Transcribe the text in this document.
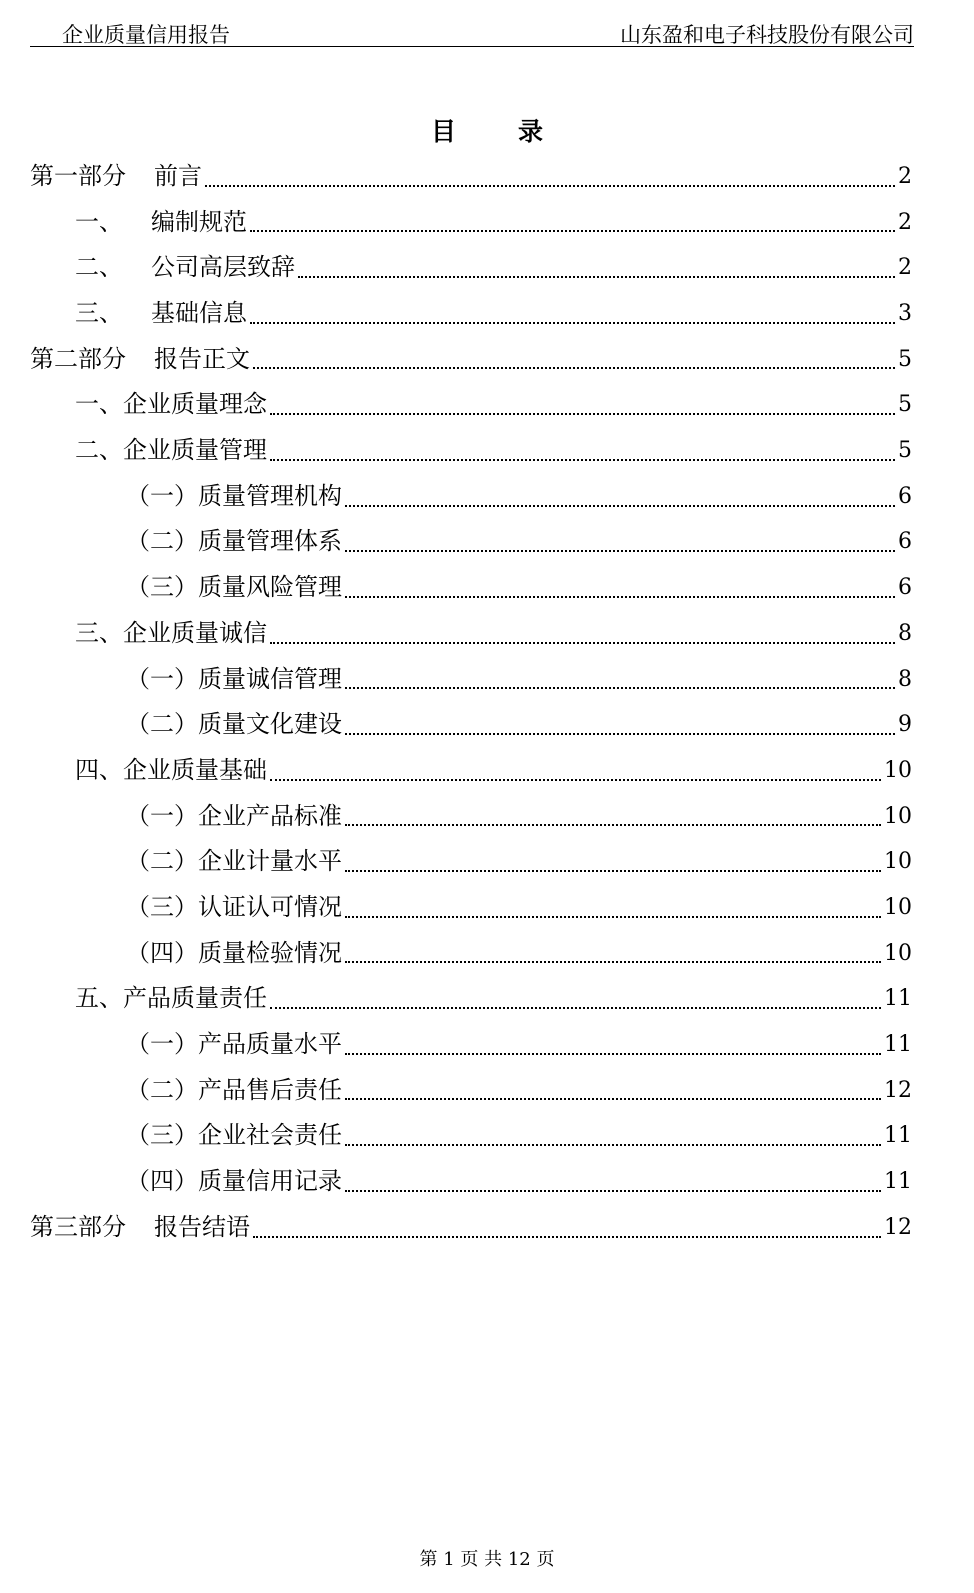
企业质量信用报告	山东盈和电子科技股份有限公司
目 录
第一部分 前言	2
一、 编制规范	2
二、 公司高层致辞	2
三、 基础信息	3
第二部分 报告正文	5
一、企业质量理念	5
二、企业质量管理	5
（一）质量管理机构	6
（二）质量管理体系	6
（三）质量风险管理	6
三、企业质量诚信	8
（一）质量诚信管理	8
（二）质量文化建设	9
四、企业质量基础	10
（一）企业产品标准	10
（二）企业计量水平	10
（三）认证认可情况	10
（四）质量检验情况	10
五、产品质量责任	11
（一）产品质量水平	11
（二）产品售后责任	12
（三）企业社会责任	11
（四）质量信用记录	11
第三部分 报告结语	12
第 1 页 共 12 页
